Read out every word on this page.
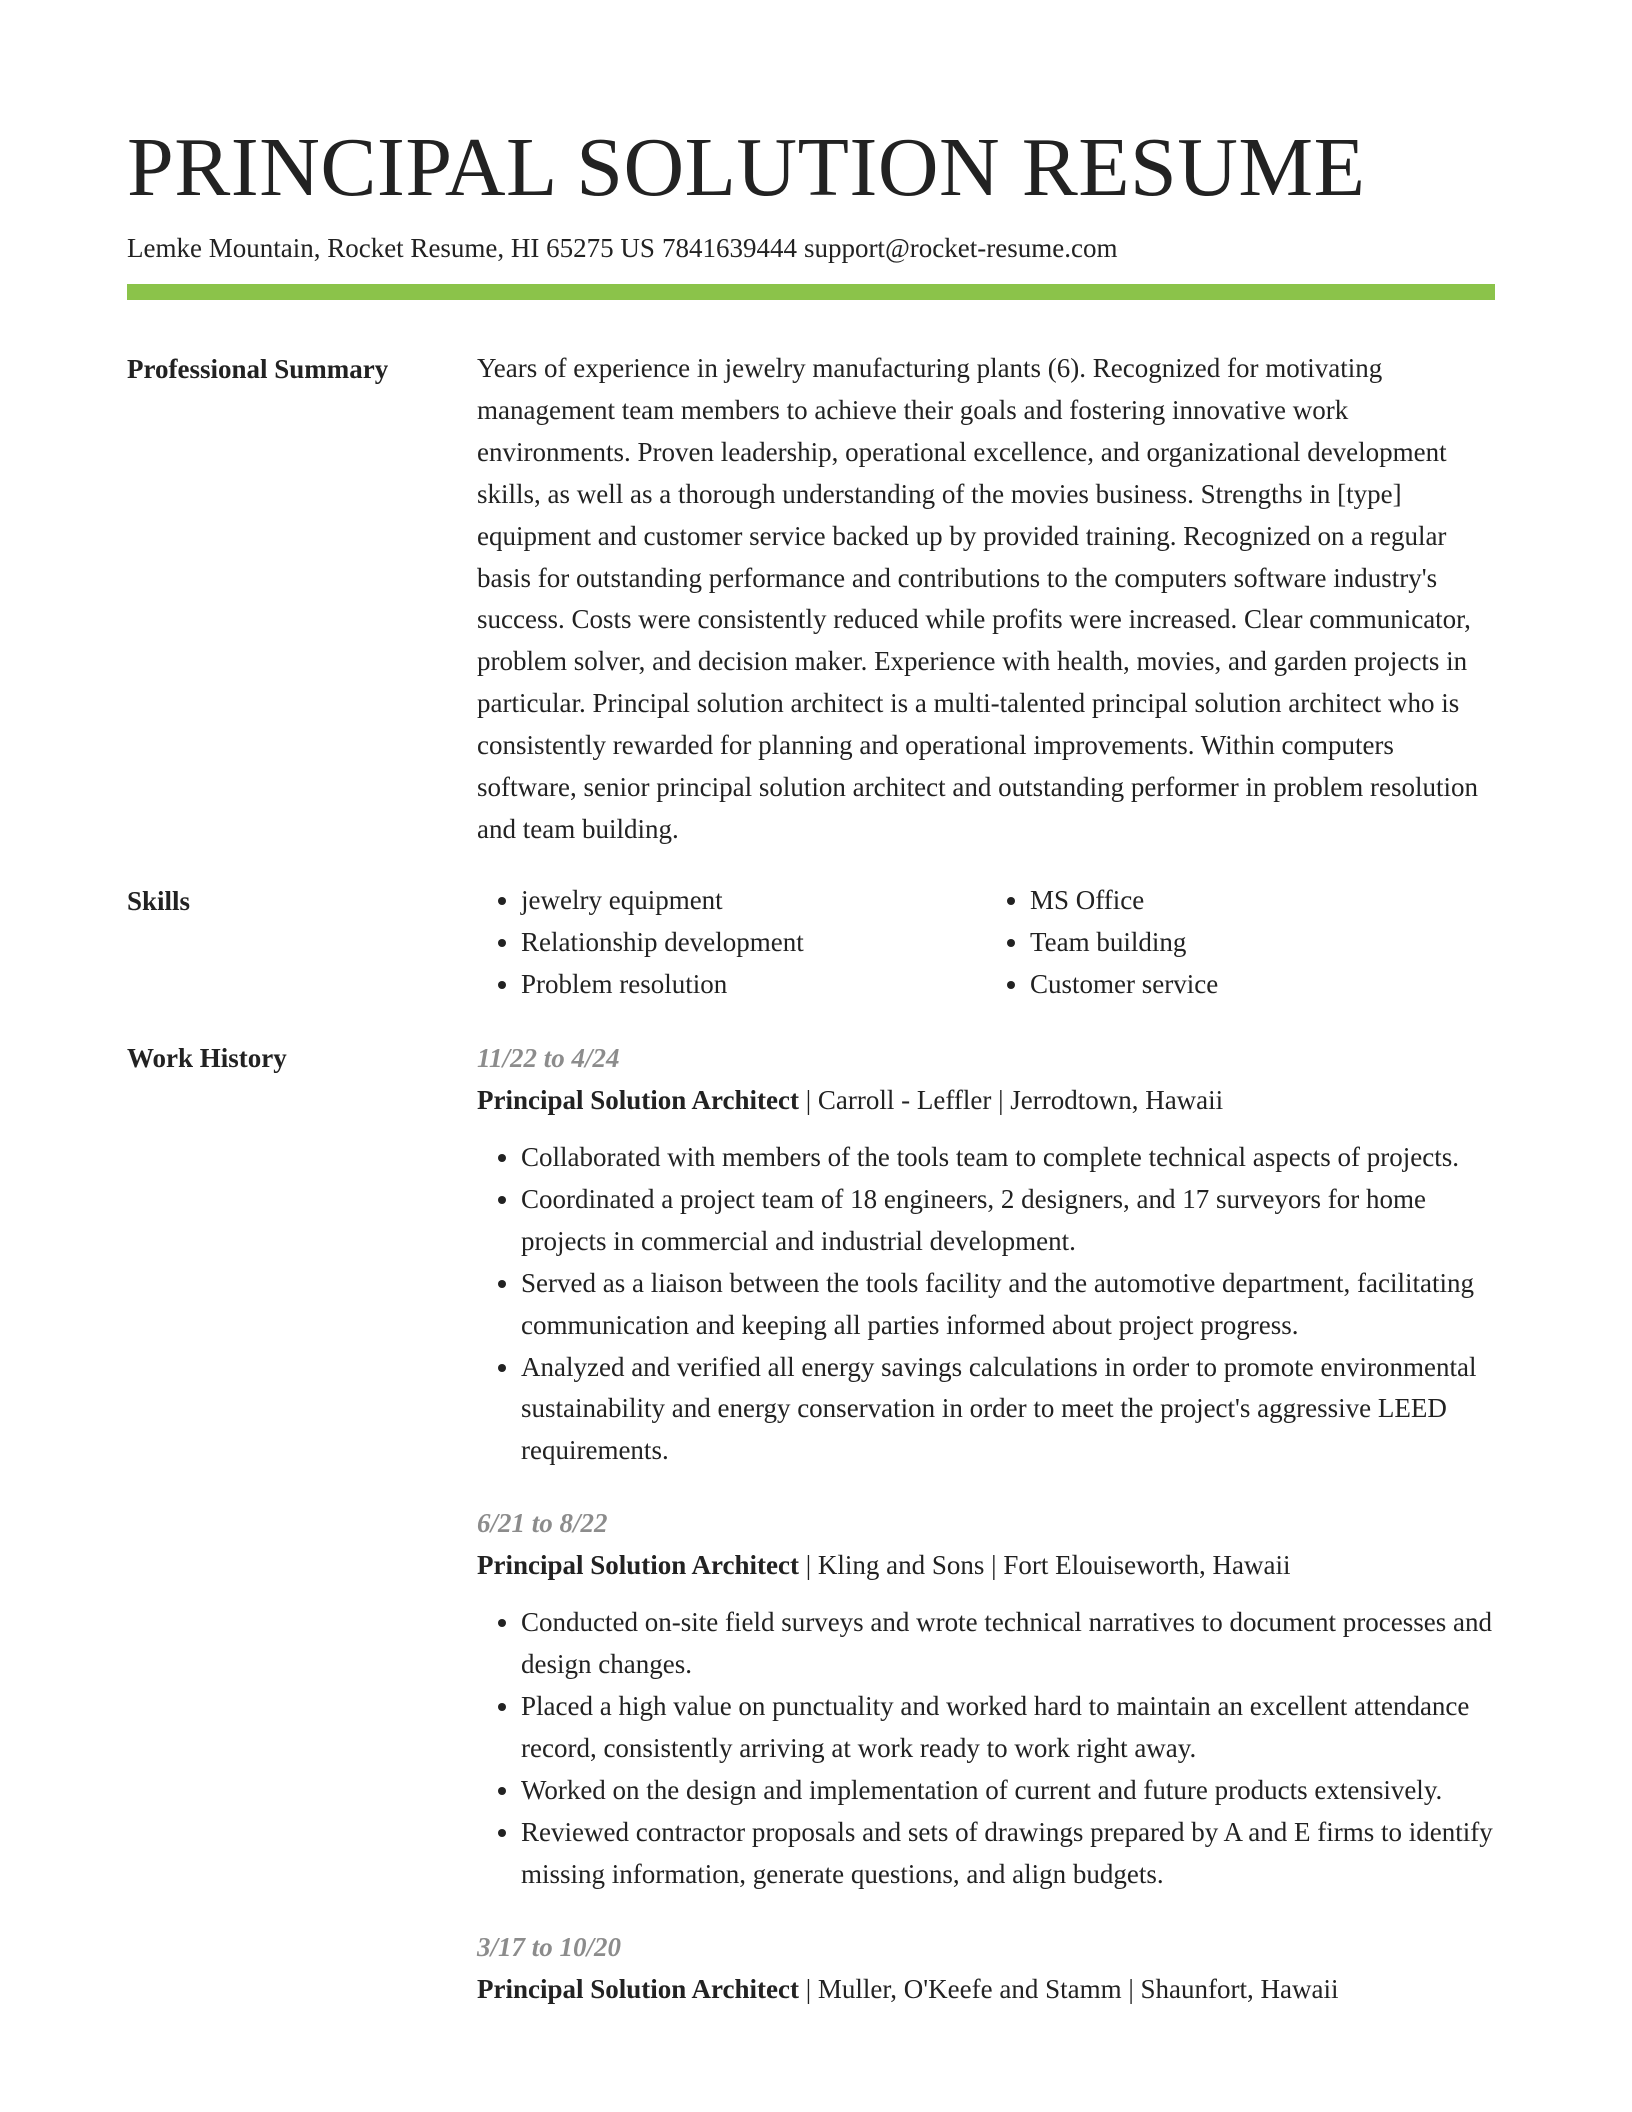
PRINCIPAL SOLUTION RESUME
Lemke Mountain, Rocket Resume, HI 65275 US 7841639444 support@rocket-resume.com
Professional Summary	Years of experience in jewelry manufacturing plants (6). Recognized for motivating management team members to achieve their goals and fostering innovative work environments. Proven leadership, operational excellence, and organizational development skills, as well as a thorough understanding of the movies business. Strengths in [type] equipment and customer service backed up by provided training. Recognized on a regular basis for outstanding performance and contributions to the computers software industry's success. Costs were consistently reduced while profits were increased. Clear communicator, problem solver, and decision maker. Experience with health, movies, and garden projects in particular. Principal solution architect is a multi-talented principal solution architect who is consistently rewarded for planning and operational improvements. Within computers software, senior principal solution architect and outstanding performer in problem resolution and team building.

Skills
•	jewelry equipment
• Relationship development
• Problem resolution
• MS Office
• Team building
• Customer service
Work History	11/22 to 4/24
Principal Solution Architect | Carroll - Leffler | Jerrodtown, Hawaii
• Collaborated with members of the tools team to complete technical aspects of projects.
• Coordinated a project team of 18 engineers, 2 designers, and 17 surveyors for home projects in commercial and industrial development.
• Served as a liaison between the tools facility and the automotive department, facilitating communication and keeping all parties informed about project progress.
• Analyzed and verified all energy savings calculations in order to promote environmental sustainability and energy conservation in order to meet the project's aggressive LEED requirements.
6/21 to 8/22
Principal Solution Architect | Kling and Sons | Fort Elouiseworth, Hawaii
• Conducted on-site field surveys and wrote technical narratives to document processes and design changes.
• Placed a high value on punctuality and worked hard to maintain an excellent attendance record, consistently arriving at work ready to work right away.
• Worked on the design and implementation of current and future products extensively.
• Reviewed contractor proposals and sets of drawings prepared by A and E firms to identify missing information, generate questions, and align budgets.
3/17 to 10/20
Principal Solution Architect | Muller, O'Keefe and Stamm | Shaunfort, Hawaii
